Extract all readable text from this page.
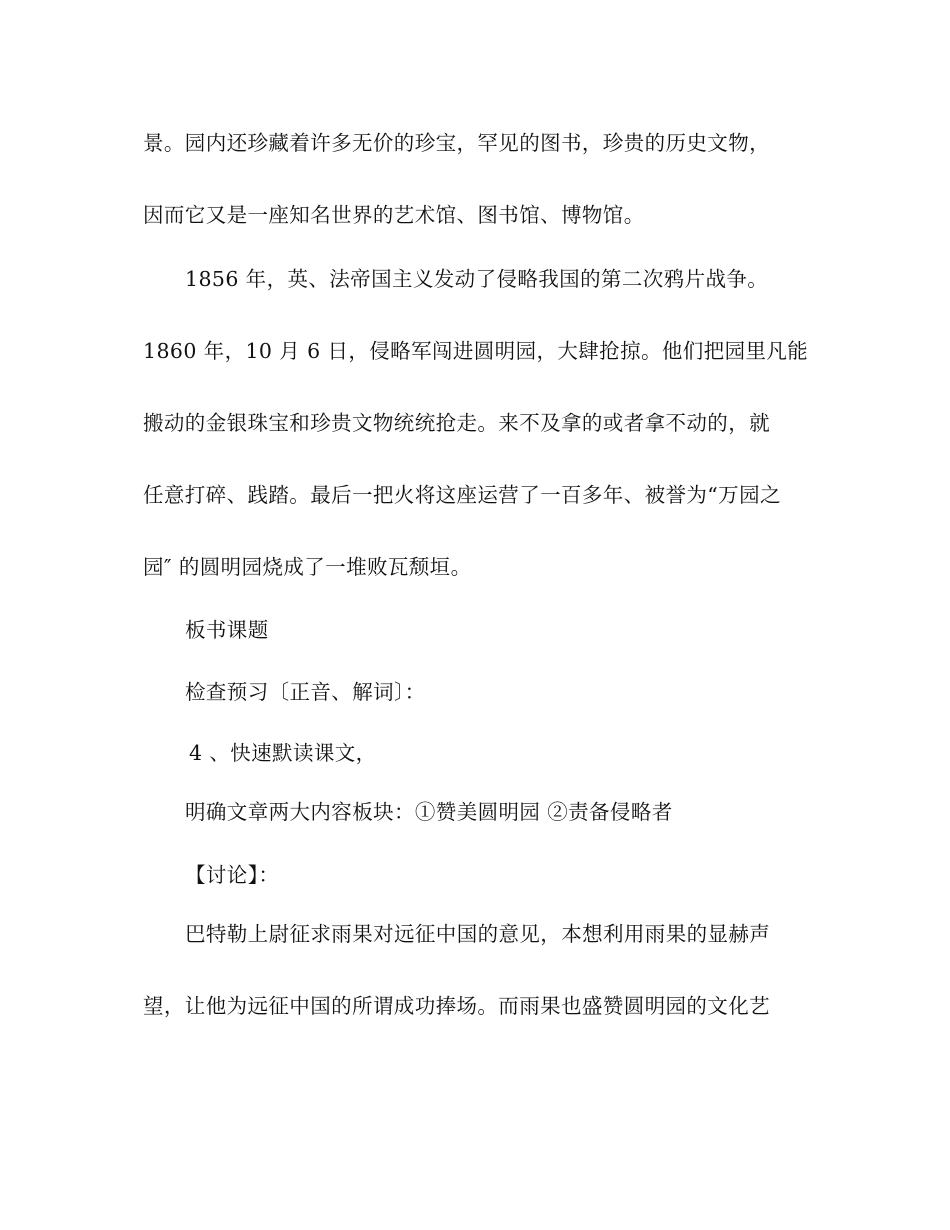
景。园内还珍藏着许多无价的珍宝，罕见的图书，珍贵的历史文物，
因而它又是一座知名世界的艺术馆、图书馆、博物馆。
1856 年，英、法帝国主义发动了侵略我国的第二次鸦片战争。
1860 年，10 月 6 日，侵略军闯进圆明园，大肆抢掠。他们把园里凡能
搬动的金银珠宝和珍贵文物统统抢走。来不及拿的或者拿不动的，就
任意打碎、践踏。最后一把火将这座运营了一百多年、被誉为“万园之
园″ 的圆明园烧成了一堆败瓦颓垣。
板书课题
检查预习〔正音、解词〕：
4 、快速默读课文，
明确文章两大内容板块：①赞美圆明园 ②责备侵略者
【讨论】：
巴特勒上尉征求雨果对远征中国的意见，本想利用雨果的显赫声
望，让他为远征中国的所谓成功捧场。而雨果也盛赞圆明园的文化艺
